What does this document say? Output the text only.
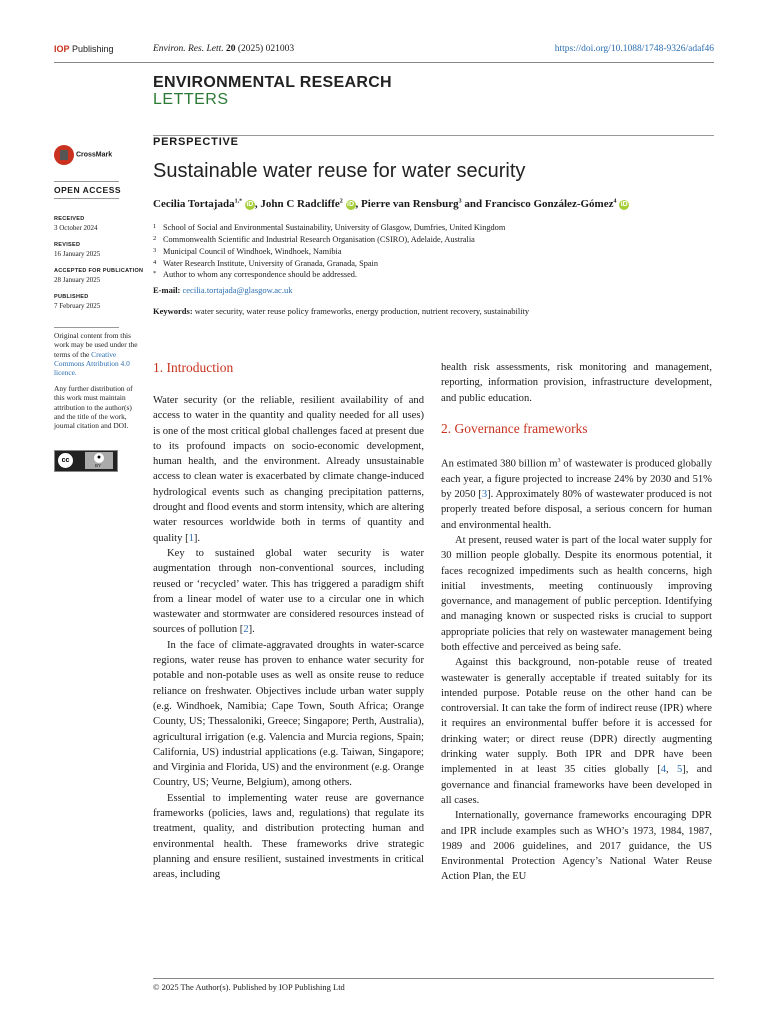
IOP Publishing	Environ. Res. Lett. 20 (2025) 021003	https://doi.org/10.1088/1748-9326/adaf46
ENVIRONMENTAL RESEARCH
LETTERS
CrossMark
OPEN ACCESS
RECEIVED
3 October 2024
REVISED
16 January 2025
ACCEPTED FOR PUBLICATION
28 January 2025
PUBLISHED
7 February 2025
Original content from this work may be used under the terms of the Creative Commons Attribution 4.0 licence.
Any further distribution of this work must maintain attribution to the author(s) and the title of the work, journal citation and DOI.
cc	●
BY
PERSPECTIVE
Sustainable water reuse for water security
Cecilia Tortajada$^{1,*}$ iD , John C Radcliffe$^2$ iD , Pierre van Rensburg$^3$ and Francisco González-Gómez$^4$ iD
1 School of Social and Environmental Sustainability, University of Glasgow, Dumfries, United Kingdom
2 Commonwealth Scientific and Industrial Research Organisation (CSIRO), Adelaide, Australia
3 Municipal Council of Windhoek, Windhoek, Namibia
4 Water Research Institute, University of Granada, Granada, Spain
* Author to whom any correspondence should be addressed.
E-mail: cecilia.tortajada@glasgow.ac.uk
Keywords: water security, water reuse policy frameworks, energy production, nutrient recovery, sustainability
1. Introduction

Water security (or the reliable, resilient availability of and access to water in the quantity and quality needed for all uses) is one of the most critical global challenges faced at present due to its profound impacts on socio-economic development, human health, and the environment. Already unsustainable access to clean water is exacerbated by climate change-induced hydrological events such as changing precipitation patterns, drought and flood events and storm intensity, which are altering water resources worldwide both in terms of quantity and quality [1].

Key to sustained global water security is water augmentation through non-conventional sources, including reused or ‘recycled’ water. This has triggered a paradigm shift from a linear model of water use to a circular one in which wastewater and stormwater are considered resources instead of sources of pollution [2].

In the face of climate-aggravated droughts in water-scarce regions, water reuse has proven to enhance water security for potable and non-potable uses as well as onsite reuse to reduce reliance on freshwater. Objectives include urban water supply (e.g. Windhoek, Namibia; Cape Town, South Africa; Orange County, US; Thessaloniki, Greece; Singapore; Perth, Australia), agricultural irrigation (e.g. Valencia and Murcia regions, Spain; California, US) industrial applications (e.g. Taiwan, Singapore; and Virginia and Florida, US) and the environment (e.g. Orange Country, US; Veurne, Belgium), among others.

Essential to implementing water reuse are governance frameworks (policies, laws and, regulations) that regulate its treatment, quality, and distribution protecting human and environmental health. These frameworks drive strategic planning and ensure resilient, sustained investments in critical areas, including

health risk assessments, risk monitoring and management, reporting, information provision, infrastructure development, and public education.

2. Governance frameworks

An estimated 380 billion $m^3$ of wastewater is produced globally each year, a figure projected to increase 24% by 2030 and 51% by 2050 [3]. Approximately 80% of wastewater produced is not properly treated before disposal, a serious concern for human and environmental health.

At present, reused water is part of the local water supply for 30 million people globally. Despite its enormous potential, it faces recognized impediments such as health concerns, high initial investments, meeting continuously improving governance, and management of public perception. Identifying and managing known or suspected risks is crucial to support appropriate policies that rely on wastewater management being both effective and perceived as being safe.

Against this background, non-potable reuse of treated wastewater is generally acceptable if treated suitably for its intended purpose. Potable reuse on the other hand can be controversial. It can take the form of indirect reuse (IPR) where it requires an environmental buffer before it is accessed for drinking water; or direct reuse (DPR) directly augmenting drinking water supply. Both IPR and DPR have been implemented in at least 35 cities globally [4, 5], and governance and financial frameworks have been developed in all cases.

Internationally, governance frameworks encouraging DPR and IPR include examples such as WHO’s 1973, 1984, 1987, 1989 and 2006 guidelines, and 2017 guidance, the US Environmental Protection Agency’s National Water Reuse Action Plan, the EU

© 2025 The Author(s). Published by IOP Publishing Ltd
